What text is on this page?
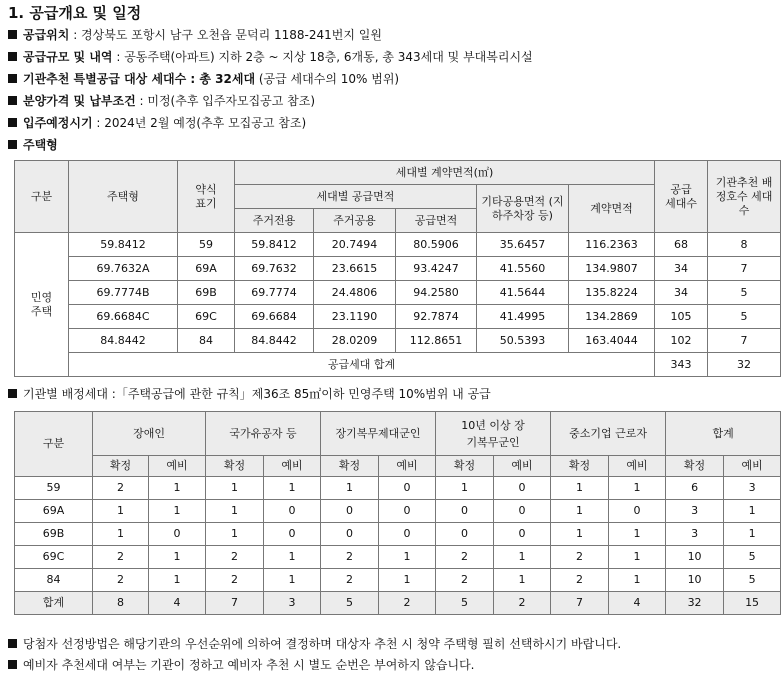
1. 공급개요 및 일정

공급위치 : 경상북도 포항시 남구 오천읍 문덕리 1188-241번지 일원

공급규모 및 내역 : 공동주택(아파트) 지하 2층 ~ 지상 18층, 6개동, 총 343세대 및 부대복리시설

기관추천 특별공급 대상 세대수 : 총 32세대 (공급 세대수의 10% 범위)

분양가격 및 납부조건 : 미정(추후 입주자모집공고 참조)

입주예정시기 : 2024년 2월 예정(추후 모집공고 참조)

주택형

구분	주택형	약식 표기	세대별 계약면적(㎡)					공급 세대수	기관추천 배정호수 세대수
			세대별 공급면적			기타공용면적 (지하주차장 등)	계약면적		
			주거전용	주거공용	공급면적				
민영 주택	59.8412	59	59.8412	20.7494	80.5906	35.6457	116.2363	68	8
	69.7632A	69A	69.7632	23.6615	93.4247	41.5560	134.9807	34	7
	69.7774B	69B	69.7774	24.4806	94.2580	41.5644	135.8224	34	5
	69.6684C	69C	69.6684	23.1190	92.7874	41.4995	134.2869	105	5
	84.8442	84	84.8442	28.0209	112.8651	50.5393	163.4044	102	7
	공급세대 합계							343	32

기관별 배정세대 :「주택공급에 관한 규칙」제36조 85㎡이하 민영주택 10%범위 내 공급

구분	장애인		국가유공자 등		장기복무제대군인		10년 이상 장기복무군인		중소기업 근로자		합계	
	확정	예비	확정	예비	확정	예비	확정	예비	확정	예비	확정	예비
59	2	1	1	1	1	0	1	0	1	1	6	3
69A	1	1	1	0	0	0	0	0	1	0	3	1
69B	1	0	1	0	0	0	0	0	1	1	3	1
69C	2	1	2	1	2	1	2	1	2	1	10	5
84	2	1	2	1	2	1	2	1	2	1	10	5
합계	8	4	7	3	5	2	5	2	7	4	32	15

당첨자 선정방법은 해당기관의 우선순위에 의하여 결정하며 대상자 추천 시 청약 주택형 필히 선택하시기 바랍니다.

예비자 추천세대 여부는 기관이 정하고 예비자 추천 시 별도 순번은 부여하지 않습니다.
